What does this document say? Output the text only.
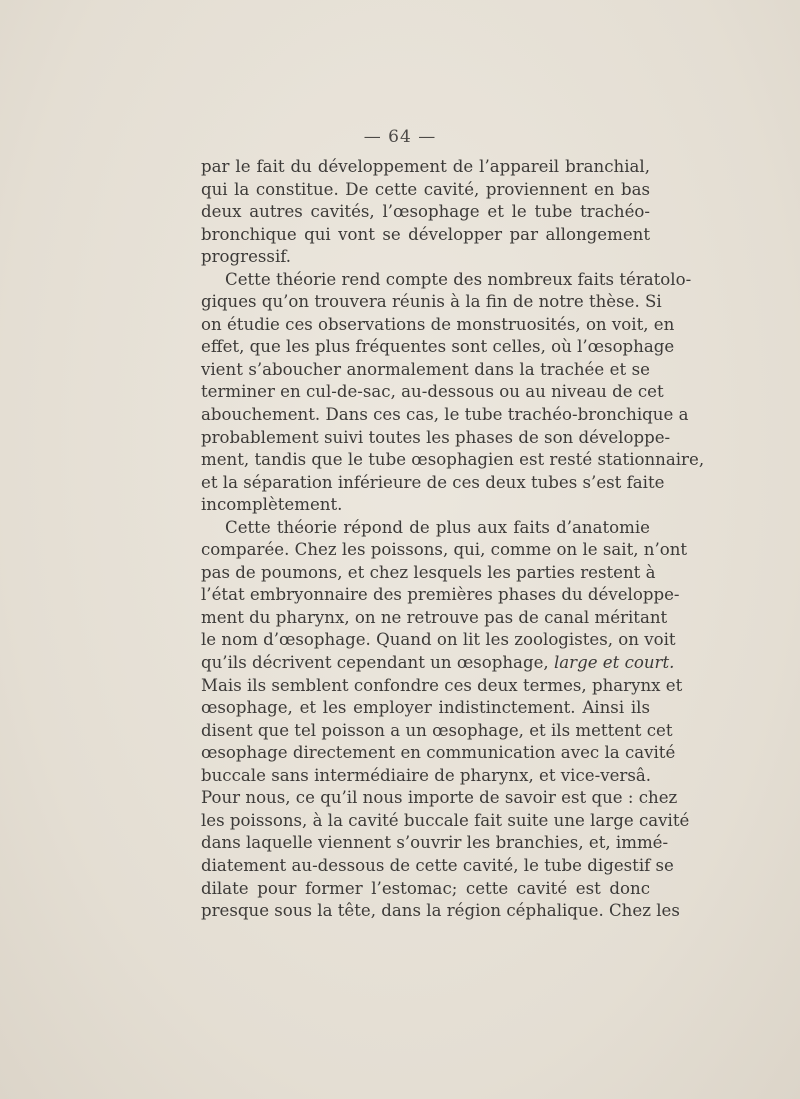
— 64 —
par le fait du développement de l’appareil branchial,
qui la constitue. De cette cavité, proviennent en bas
deux autres cavités, l’œsophage et le tube trachéo-
bronchique qui vont se développer par allongement
progressif.
Cette théorie rend compte des nombreux faits tératolo-
giques qu’on trouvera réunis à la fin de notre thèse. Si
on étudie ces observations de monstruosités, on voit, en
effet, que les plus fréquentes sont celles, où l’œsophage
vient s’aboucher anormalement dans la trachée et se
terminer en cul-de-sac, au-dessous ou au niveau de cet
abouchement. Dans ces cas, le tube trachéo-bronchique a
probablement suivi toutes les phases de son développe-
ment, tandis que le tube œsophagien est resté stationnaire,
et la séparation inférieure de ces deux tubes s’est faite
incomplètement.
Cette théorie répond de plus aux faits d’anatomie
comparée. Chez les poissons, qui, comme on le sait, n’ont
pas de poumons, et chez lesquels les parties restent à
l’état embryonnaire des premières phases du développe-
ment du pharynx, on ne retrouve pas de canal méritant
le nom d’œsophage. Quand on lit les zoologistes, on voit
qu’ils décrivent cependant un œsophage, large et court.
Mais ils semblent confondre ces deux termes, pharynx et
œsophage, et les employer indistinctement. Ainsi ils
disent que tel poisson a un œsophage, et ils mettent cet
œsophage directement en communication avec la cavité
buccale sans intermédiaire de pharynx, et vice-versâ.
Pour nous, ce qu’il nous importe de savoir est que : chez
les poissons, à la cavité buccale fait suite une large cavité
dans laquelle viennent s’ouvrir les branchies, et, immé-
diatement au-dessous de cette cavité, le tube digestif se
dilate pour former l’estomac; cette cavité est donc
presque sous la tête, dans la région céphalique. Chez les
